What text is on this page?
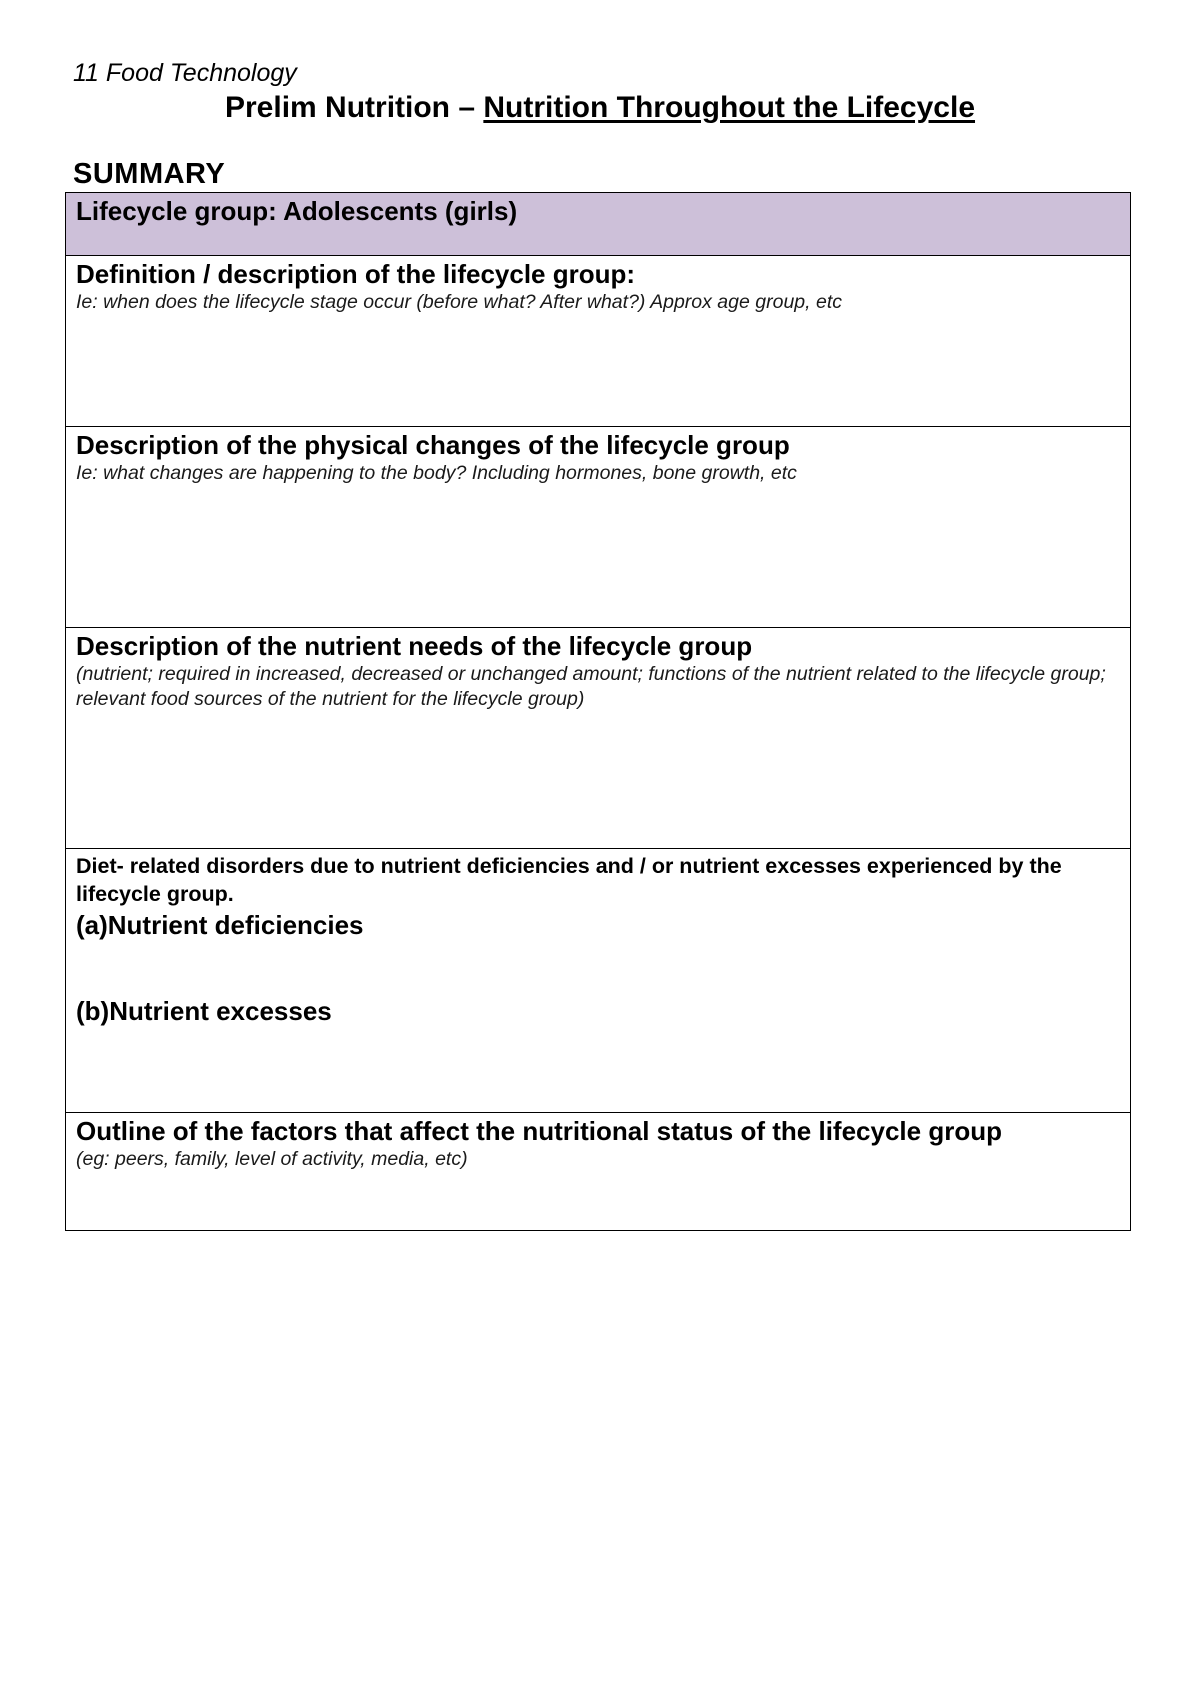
11 Food Technology
Prelim Nutrition – Nutrition Throughout the Lifecycle
SUMMARY
Lifecycle group: Adolescents (girls)
Definition / description of the lifecycle group:
Ie: when does the lifecycle stage occur (before what? After what?) Approx age group, etc
Description of the physical changes of the lifecycle group
Ie: what changes are happening to the body? Including hormones, bone growth, etc
Description of the nutrient needs of the lifecycle group
(nutrient; required in increased, decreased or unchanged amount; functions of the nutrient related to the lifecycle group; relevant food sources of the nutrient for the lifecycle group)
Diet- related disorders due to nutrient deficiencies and / or nutrient excesses experienced by the lifecycle group.
(a)Nutrient deficiencies
(b)Nutrient excesses
Outline of the factors that affect the nutritional status of the lifecycle group
(eg: peers, family, level of activity, media, etc)
